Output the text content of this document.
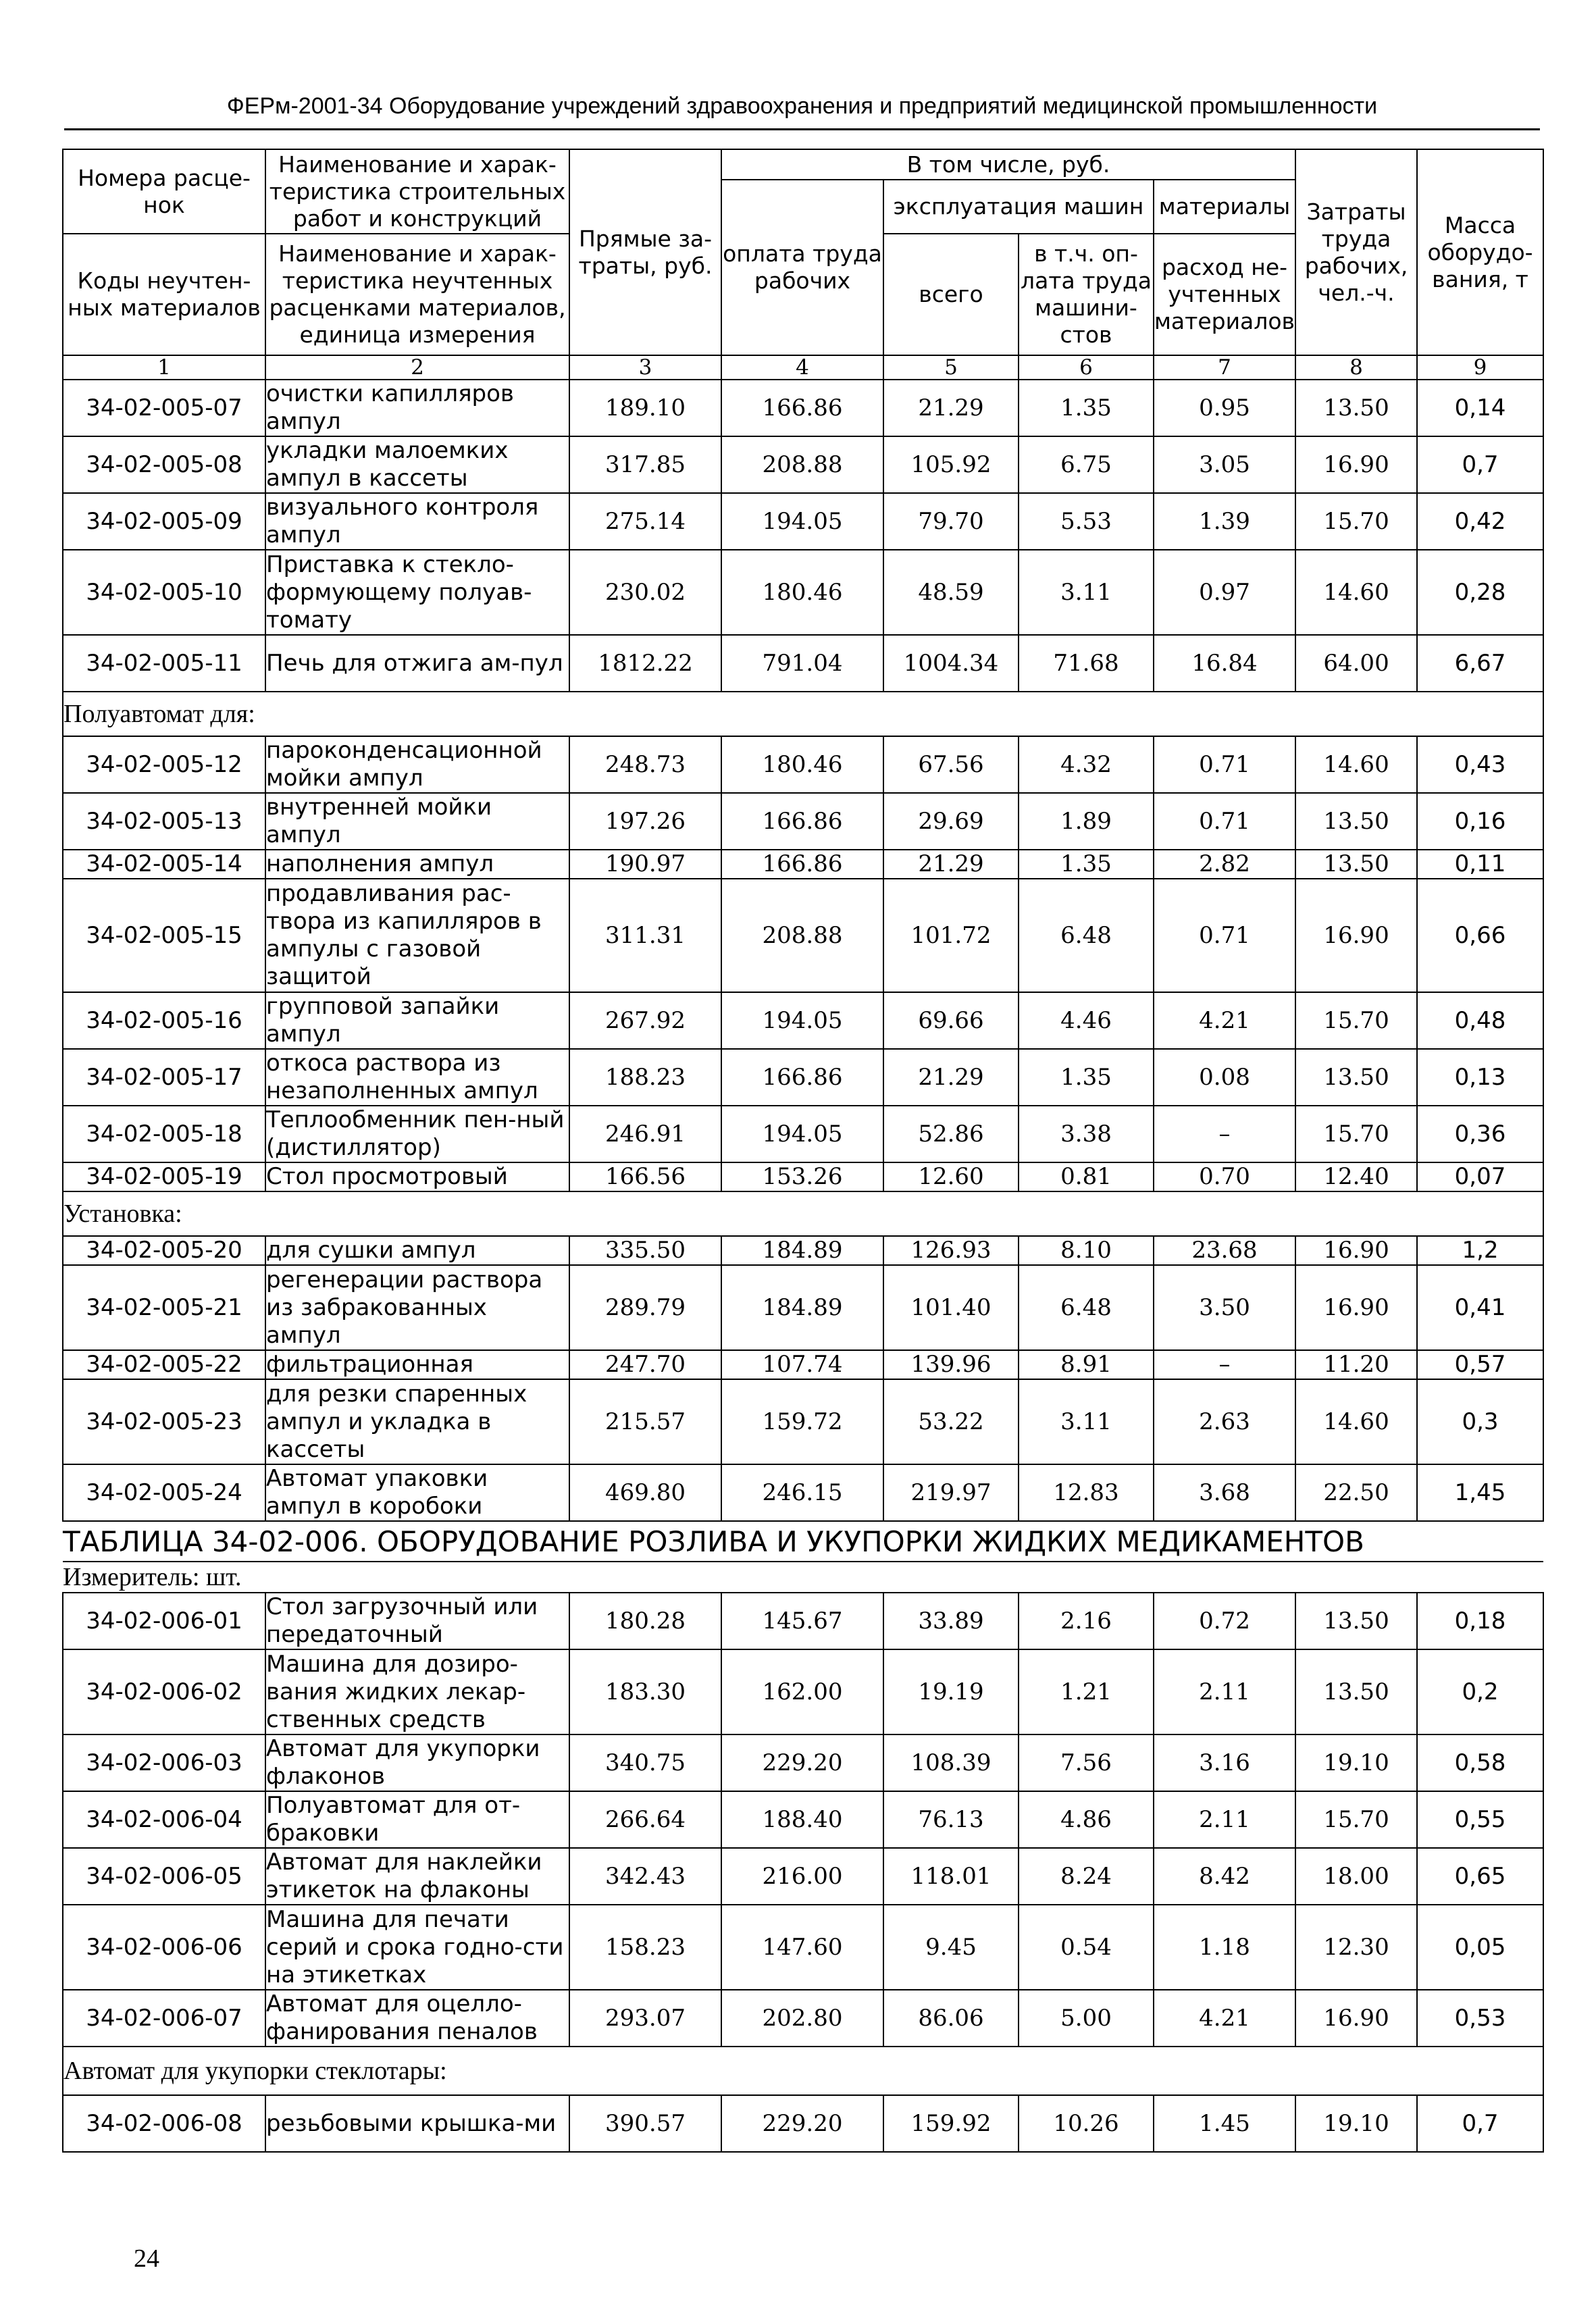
ФЕРм-2001-34 Оборудование учреждений здравоохранения и предприятий медицинской промышленности
Номера расце-нок	Наименование и харак-теристика строительных работ и конструкций	Прямые за-траты, руб.	В том числе, руб.				Затраты труда рабочих, чел.-ч.	Масса оборудо-вания, т
			оплата труда рабочих	эксплуатация машин		материалы		
Коды неучтен-ных материалов	Наименование и харак-теристика неучтенных расценками материалов, единица измерения			всего	в т.ч. оп-лата труда машини-стов	расход не-учтенных материалов		

1	2	3	4	5	6	7	8	9
34-02-005-07	очистки капилляров ампул	189.10	166.86	21.29	1.35	0.95	13.50	0,14
34-02-005-08	укладки малоемких ампул в кассеты	317.85	208.88	105.92	6.75	3.05	16.90	0,7
34-02-005-09	визуального контроля ампул	275.14	194.05	79.70	5.53	1.39	15.70	0,42
34-02-005-10	Приставка к стекло-формующему полуав-томату	230.02	180.46	48.59	3.11	0.97	14.60	0,28
34-02-005-11	Печь для отжига ам-пул	1812.22	791.04	1004.34	71.68	16.84	64.00	6,67
Полуавтомат для:								
34-02-005-12	пароконденсационной мойки ампул	248.73	180.46	67.56	4.32	0.71	14.60	0,43
34-02-005-13	внутренней мойки ампул	197.26	166.86	29.69	1.89	0.71	13.50	0,16
34-02-005-14	наполнения ампул	190.97	166.86	21.29	1.35	2.82	13.50	0,11
34-02-005-15	продавливания рас-твора из капилляров в ампулы с газовой защитой	311.31	208.88	101.72	6.48	0.71	16.90	0,66
34-02-005-16	групповой запайки ампул	267.92	194.05	69.66	4.46	4.21	15.70	0,48
34-02-005-17	откоса раствора из незаполненных ампул	188.23	166.86	21.29	1.35	0.08	13.50	0,13
34-02-005-18	Теплообменник пен-ный (дистиллятор)	246.91	194.05	52.86	3.38	–	15.70	0,36
34-02-005-19	Стол просмотровый	166.56	153.26	12.60	0.81	0.70	12.40	0,07
Установка:								
34-02-005-20	для сушки ампул	335.50	184.89	126.93	8.10	23.68	16.90	1,2
34-02-005-21	регенерации раствора из забракованных ампул	289.79	184.89	101.40	6.48	3.50	16.90	0,41
34-02-005-22	фильтрационная	247.70	107.74	139.96	8.91	–	11.20	0,57
34-02-005-23	для резки спаренных ампул и укладка в кассеты	215.57	159.72	53.22	3.11	2.63	14.60	0,3
34-02-005-24	Автомат упаковки ампул в коробоки	469.80	246.15	219.97	12.83	3.68	22.50	1,45
ТАБЛИЦА 34-02-006. ОБОРУДОВАНИЕ РОЗЛИВА И УКУПОРКИ ЖИДКИХ МЕДИКАМЕНТОВ								
Измеритель: шт.								
34-02-006-01	Стол загрузочный или передаточный	180.28	145.67	33.89	2.16	0.72	13.50	0,18
34-02-006-02	Машина для дозиро-вания жидких лекар-ственных средств	183.30	162.00	19.19	1.21	2.11	13.50	0,2
34-02-006-03	Автомат для укупорки флаконов	340.75	229.20	108.39	7.56	3.16	19.10	0,58
34-02-006-04	Полуавтомат для от-браковки	266.64	188.40	76.13	4.86	2.11	15.70	0,55
34-02-006-05	Автомат для наклейки этикеток на флаконы	342.43	216.00	118.01	8.24	8.42	18.00	0,65
34-02-006-06	Машина для печати серий и срока годно-сти на этикетках	158.23	147.60	9.45	0.54	1.18	12.30	0,05
34-02-006-07	Автомат для оцелло-фанирования пеналов	293.07	202.80	86.06	5.00	4.21	16.90	0,53
Автомат для укупорки стеклотары:								
34-02-006-08	резьбовыми крышка-ми	390.57	229.20	159.92	10.26	1.45	19.10	0,7
24
